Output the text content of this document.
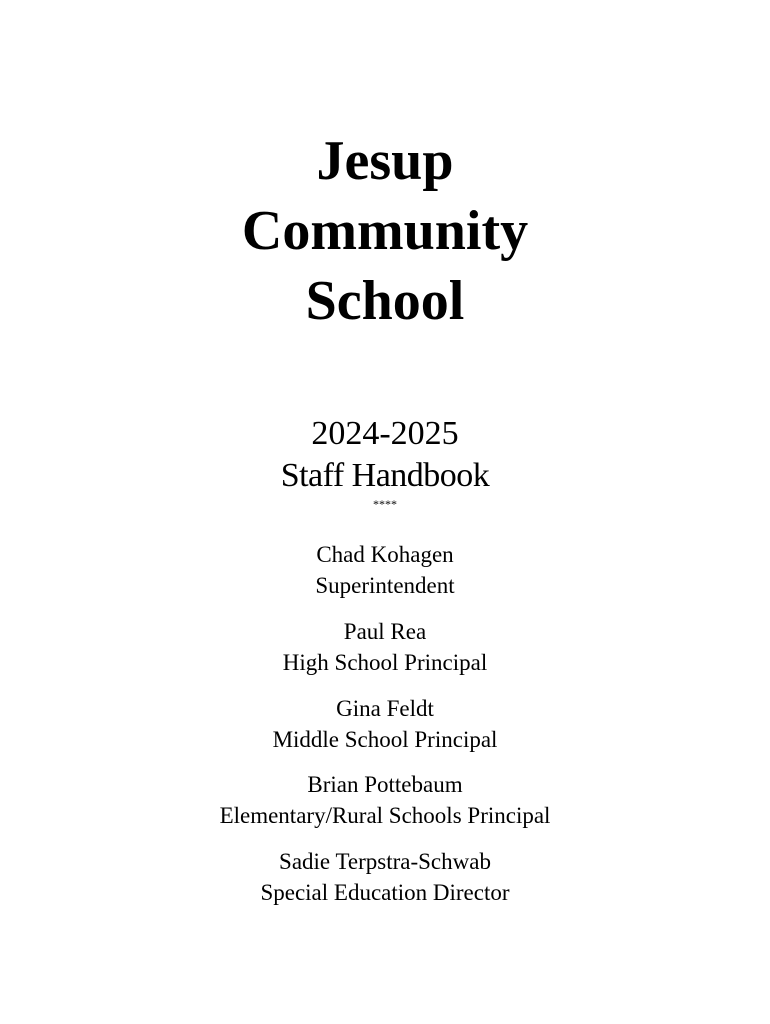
Jesup
Community
School
2024-2025
Staff Handbook
****
Chad Kohagen
Superintendent
Paul Rea
High School Principal
Gina Feldt
Middle School Principal
Brian Pottebaum
Elementary/Rural Schools Principal
Sadie Terpstra-Schwab
Special Education Director
